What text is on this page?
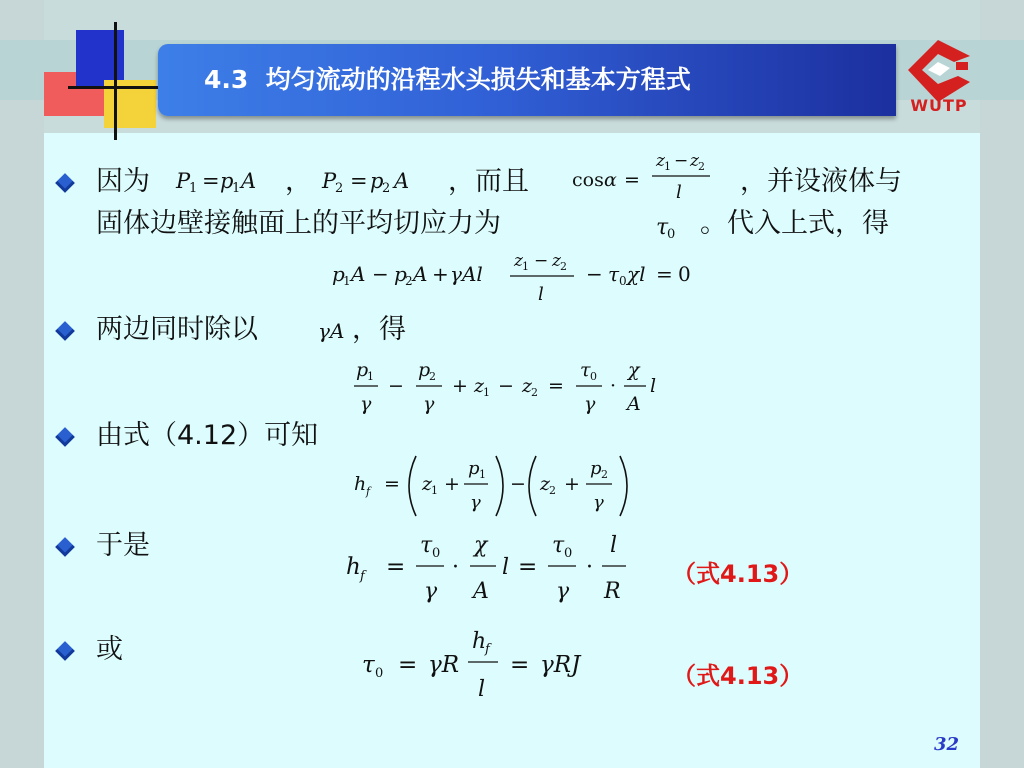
4.3 均匀流动的沿程水头损失和基本方程式
WUTP
因为 P
1 = p
1 A ， P
2 = p
2 A ，而且 cos α =
z 1 − z 2
l ，并设液体与
固体边壁接触面上的平均切应力为	τ
0 。代入上式，得
p
1 A − p
2 A + γAl
z 1 − z 2
l
− τ 0 χl = 0
两边同时除以	γA ，得
p
1
γ
−
p
2
γ
+ z
1 − z
2 =
τ 0
γ
·
χ
A
l
由式（4.12）可知
h f = z
1 +
p 1
γ
− z
2 +
p 2
γ
于是
h f =
τ 0
γ
·
χ
A
l =
τ 0
γ
·
l
R
（式4.13）
或	τ 0 = γR
h
f
l
= γRJ	（式4.13）
32
